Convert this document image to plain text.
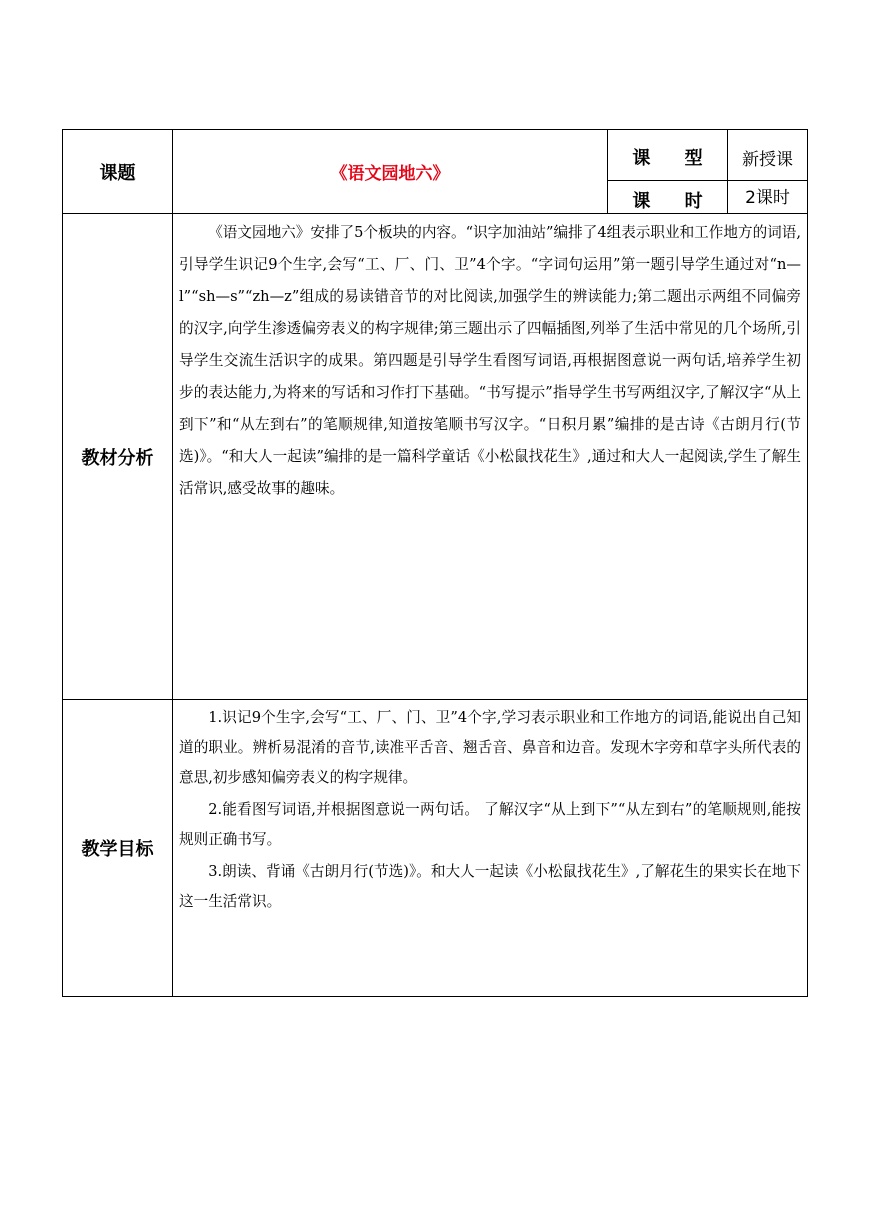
课题	《语文园地六》
课 型	新授课
课 时	2课时
教材分析

《语文园地六》安排了5个板块的内容。“识字加油站”编排了4组表示职业和工作地方的词语,引导学生识记9个生字,会写“工、厂、门、卫”4个字。“字词句运用”第一题引导学生通过对“n—l”“sh—s”“zh—z”组成的易读错音节的对比阅读,加强学生的辨读能力;第二题出示两组不同偏旁的汉字,向学生渗透偏旁表义的构字规律;第三题出示了四幅插图,列举了生活中常见的几个场所,引导学生交流生活识字的成果。第四题是引导学生看图写词语,再根据图意说一两句话,培养学生初步的表达能力,为将来的写话和习作打下基础。“书写提示”指导学生书写两组汉字,了解汉字“从上到下”和“从左到右”的笔顺规律,知道按笔顺书写汉字。“日积月累”编排的是古诗《古朗月行(节选)》。“和大人一起读”编排的是一篇科学童话《小松鼠找花生》,通过和大人一起阅读,学生了解生活常识,感受故事的趣味。

教学目标

1.识记9个生字,会写“工、厂、门、卫”4个字,学习表示职业和工作地方的词语,能说出自己知道的职业。辨析易混淆的音节,读准平舌音、翘舌音、鼻音和边音。发现木字旁和草字头所代表的意思,初步感知偏旁表义的构字规律。

2.能看图写词语,并根据图意说一两句话。 了解汉字“从上到下”“从左到右”的笔顺规则,能按规则正确书写。

3.朗读、背诵《古朗月行(节选)》。和大人一起读《小松鼠找花生》,了解花生的果实长在地下这一生活常识。
